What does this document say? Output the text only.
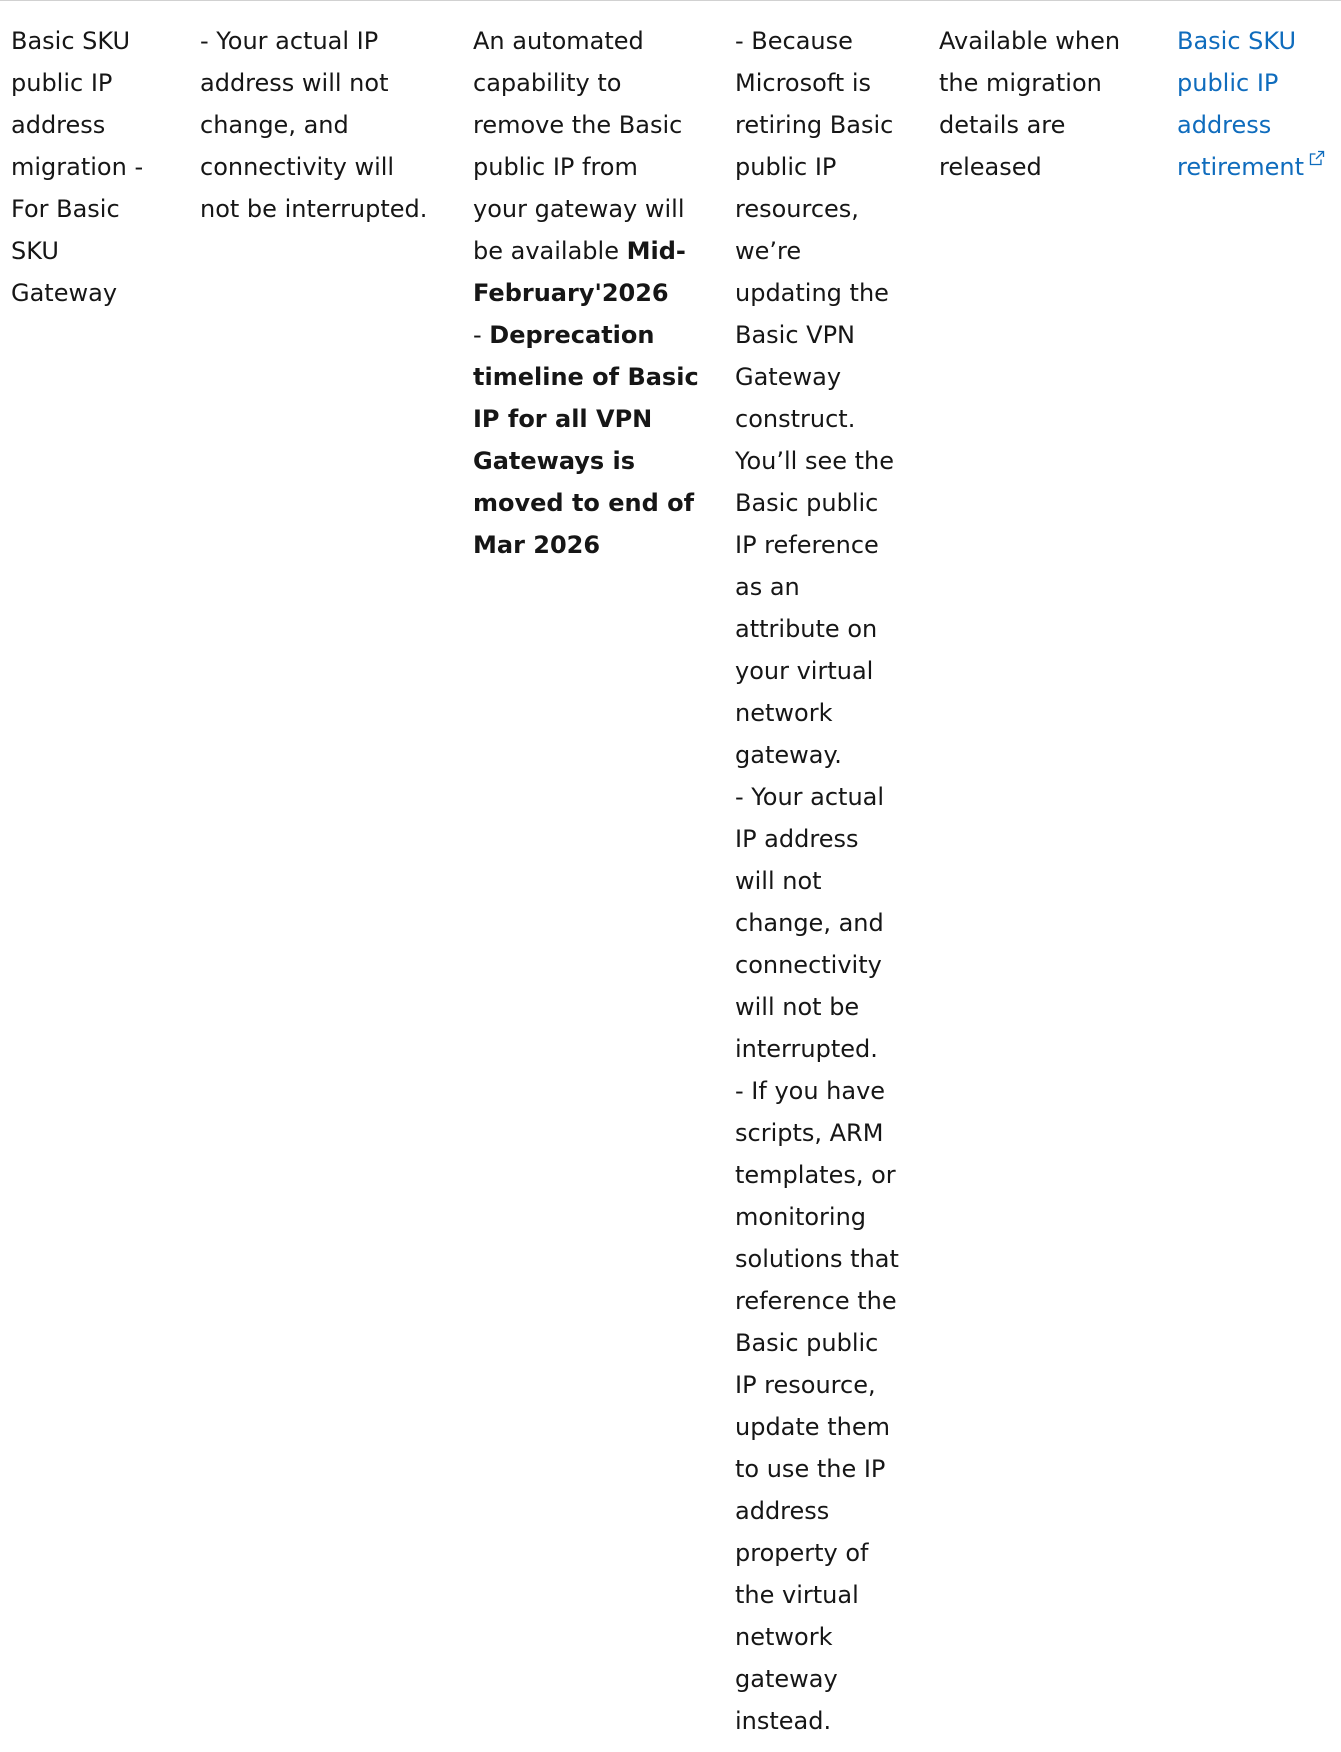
Basic SKU
public IP
address
migration -
For Basic
SKU
Gateway
- Your actual IP
address will not
change, and
connectivity will
not be interrupted.
An automated
capability to
remove the Basic
public IP from
your gateway will
be available Mid-
February'2026
- Deprecation
timeline of Basic
IP for all VPN
Gateways is
moved to end of
Mar 2026
- Because
Microsoft is
retiring Basic
public IP
resources,
we’re
updating the
Basic VPN
Gateway
construct.
You’ll see the
Basic public
IP reference
as an
attribute on
your virtual
network
gateway.
- Your actual
IP address
will not
change, and
connectivity
will not be
interrupted.
- If you have
scripts, ARM
templates, or
monitoring
solutions that
reference the
Basic public
IP resource,
update them
to use the IP
address
property of
the virtual
network
gateway
instead.
Available when
the migration
details are
released
Basic SKU
public IP
address
retirement
